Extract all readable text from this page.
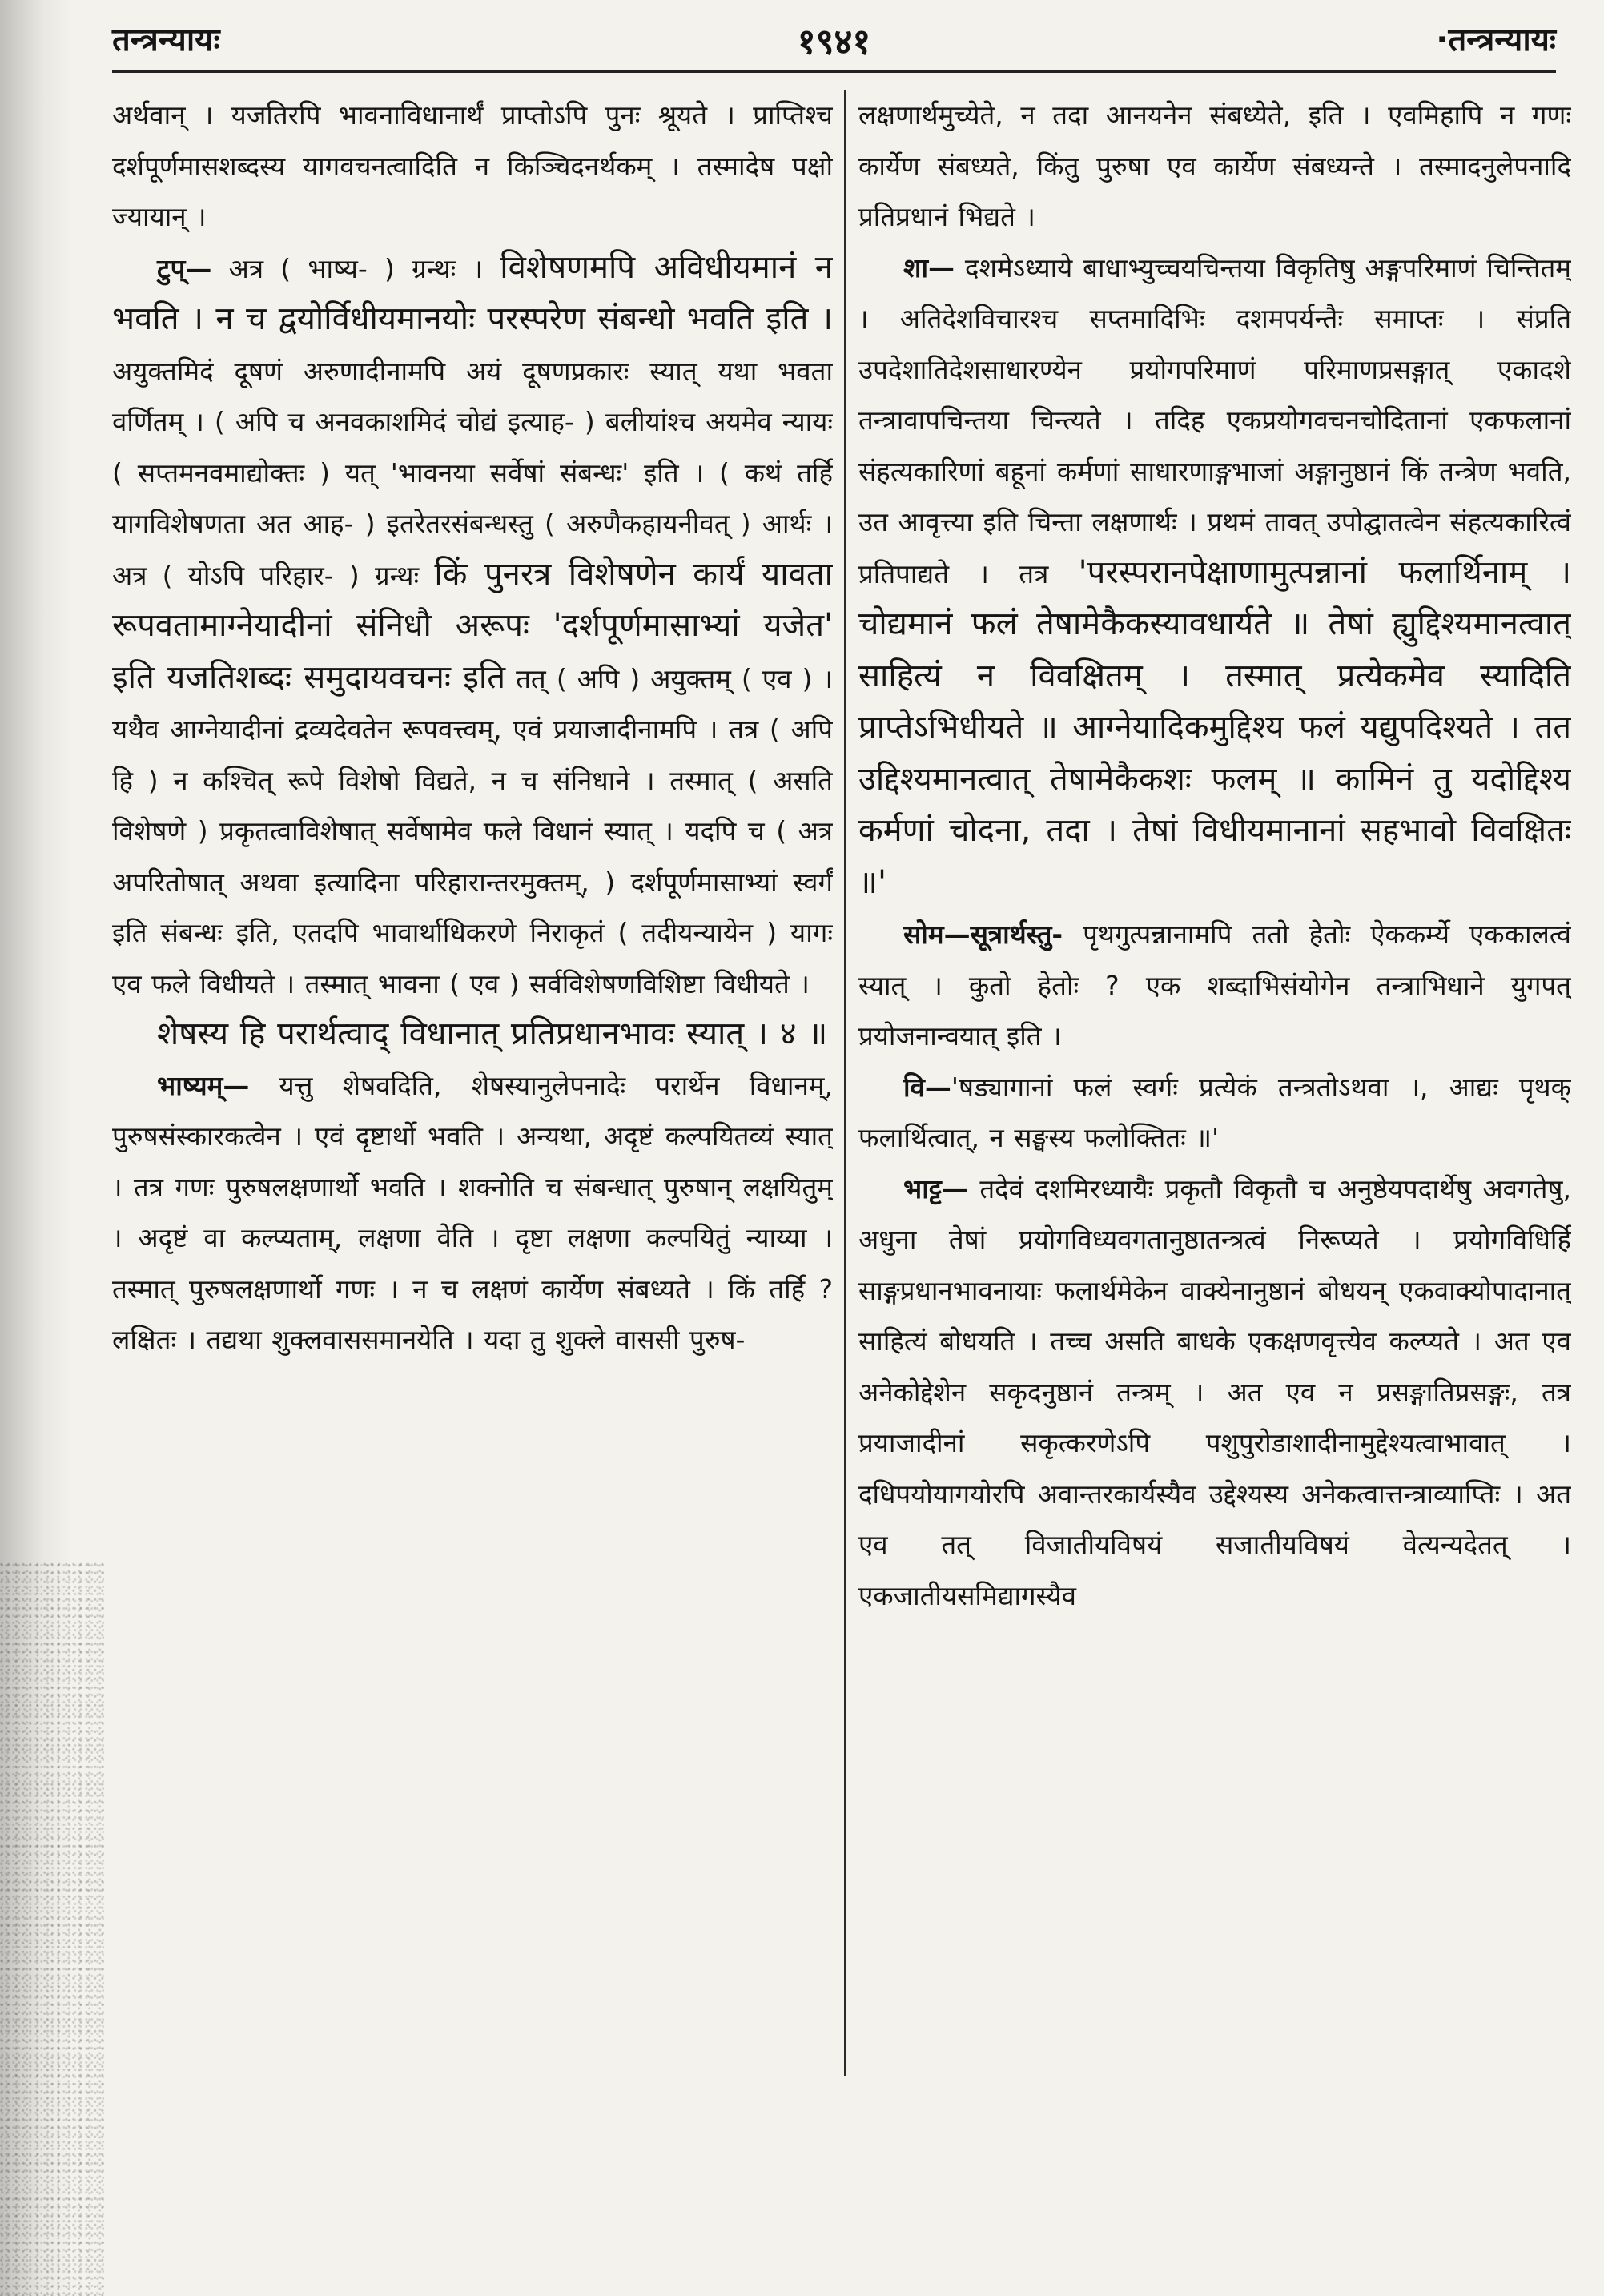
तन्त्रन्यायः	१९४१	·तन्त्रन्यायः

अर्थवान् । यजतिरपि भावनाविधानार्थं प्राप्तोऽपि पुनः श्रूयते । प्राप्तिश्च दर्शपूर्णमासशब्दस्य यागवचनत्वादिति न किञ्चिदनर्थकम् । तस्मादेष पक्षो ज्यायान् ।

टुप्— अत्र ( भाष्य- ) ग्रन्थः । विशेषणमपि अविधीयमानं न भवति । न च द्वयोर्विधीयमानयोः परस्परेण संबन्धो भवति इति । अयुक्तमिदं दूषणं अरुणादीनामपि अयं दूषणप्रकारः स्यात् यथा भवता वर्णितम् । ( अपि च अनवकाशमिदं चोद्यं इत्याह- ) बलीयांश्च अयमेव न्यायः ( सप्तमनवमाद्योक्तः ) यत् 'भावनया सर्वेषां संबन्धः' इति । ( कथं तर्हि यागविशेषणता अत आह- ) इतरेतरसंबन्धस्तु ( अरुणैकहायनीवत् ) आर्थः । अत्र ( योऽपि परिहार- ) ग्रन्थः किं पुनरत्र विशेषणेन कार्यं यावता रूपवतामाग्नेयादीनां संनिधौ अरूपः 'दर्शपूर्णमासाभ्यां यजेत' इति यजतिशब्दः समुदायवचनः इति तत् ( अपि ) अयुक्तम् ( एव ) । यथैव आग्नेयादीनां द्रव्यदेवतेन रूपवत्त्वम्, एवं प्रयाजादीनामपि । तत्र ( अपि हि ) न कश्चित् रूपे विशेषो विद्यते, न च संनिधाने । तस्मात् ( असति विशेषणे ) प्रकृतत्वाविशेषात् सर्वेषामेव फले विधानं स्यात् । यदपि च ( अत्र अपरितोषात् अथवा इत्यादिना परिहारान्तरमुक्तम्, ) दर्शपूर्णमासाभ्यां स्वर्गं इति संबन्धः इति, एतदपि भावार्थाधिकरणे निराकृतं ( तदीयन्यायेन ) यागः एव फले विधीयते । तस्मात् भावना ( एव ) सर्वविशेषणविशिष्टा विधीयते ।

शेषस्य हि परार्थत्वाद् विधानात् प्रतिप्रधानभावः स्यात् । ४ ॥

भाष्यम्— यत्तु शेषवदिति, शेषस्यानुलेपनादेः परार्थेन विधानम्, पुरुषसंस्कारकत्वेन । एवं दृष्टार्थो भवति । अन्यथा, अदृष्टं कल्पयितव्यं स्यात् । तत्र गणः पुरुषलक्षणार्थो भवति । शक्नोति च संबन्धात् पुरुषान् लक्षयितुम् । अदृष्टं वा कल्प्यताम्, लक्षणा वेति । दृष्टा लक्षणा कल्पयितुं न्याय्या । तस्मात् पुरुषलक्षणार्थो गणः । न च लक्षणं कार्येण संबध्यते । किं तर्हि ? लक्षितः । तद्यथा शुक्लवाससमानयेति । यदा तु शुक्ले वाससी पुरुष-

लक्षणार्थमुच्येते, न तदा आनयनेन संबध्येते, इति । एवमिहापि न गणः कार्येण संबध्यते, किंतु पुरुषा एव कार्येण संबध्यन्ते । तस्मादनुलेपनादि प्रतिप्रधानं भिद्यते ।

शा— दशमेऽध्याये बाधाभ्युच्चयचिन्तया विकृतिषु अङ्गपरिमाणं चिन्तितम् । अतिदेशविचारश्च सप्तमादिभिः दशमपर्यन्तैः समाप्तः । संप्रति उपदेशातिदेशसाधारण्येन प्रयोगपरिमाणं परिमाणप्रसङ्गात् एकादशे तन्त्रावापचिन्तया चिन्त्यते । तदिह एकप्रयोगवचनचोदितानां एकफलानां संहत्यकारिणां बहूनां कर्मणां साधारणाङ्गभाजां अङ्गानुष्ठानं किं तन्त्रेण भवति, उत आवृत्त्या इति चिन्ता लक्षणार्थः । प्रथमं तावत् उपोद्घातत्वेन संहत्यकारित्वं प्रतिपाद्यते । तत्र 'परस्परानपेक्षाणामुत्पन्नानां फलार्थिनाम् । चोद्यमानं फलं तेषामेकैकस्यावधार्यते ॥ तेषां ह्युद्दिश्यमानत्वात् साहित्यं न विवक्षितम् । तस्मात् प्रत्येकमेव स्यादिति प्राप्तेऽभिधीयते ॥ आग्नेयादिकमुद्दिश्य फलं यद्युपदिश्यते । तत उद्दिश्यमानत्वात् तेषामेकैकशः फलम् ॥ कामिनं तु यदोद्दिश्य कर्मणां चोदना, तदा । तेषां विधीयमानानां सहभावो विवक्षितः ॥'

सोम—सूत्रार्थस्तु- पृथगुत्पन्नानामपि ततो हेतोः ऐककर्म्ये एककालत्वं स्यात् । कुतो हेतोः ? एक शब्दाभिसंयोगेन तन्त्राभिधाने युगपत् प्रयोजनान्वयात् इति ।

वि—'षड्यागानां फलं स्वर्गः प्रत्येकं तन्त्रतोऽथवा ।, आद्यः पृथक् फलार्थित्वात्, न सङ्घस्य फलोक्तितः ॥'

भाट्ट— तदेवं दशमिरध्यायैः प्रकृतौ विकृतौ च अनुष्ठेयपदार्थेषु अवगतेषु, अधुना तेषां प्रयोगविध्यवगतानुष्ठातन्त्रत्वं निरूप्यते । प्रयोगविधिर्हि साङ्गप्रधानभावनायाः फलार्थमेकेन वाक्येनानुष्ठानं बोधयन् एकवाक्योपादानात् साहित्यं बोधयति । तच्च असति बाधके एकक्षणवृत्त्येव कल्प्यते । अत एव अनेकोद्देशेन सकृदनुष्ठानं तन्त्रम् । अत एव न प्रसङ्गातिप्रसङ्गः, तत्र प्रयाजादीनां सकृत्करणेऽपि पशुपुरोडाशादीनामुद्देश्यत्वाभावात् । दधिपयोयागयोरपि अवान्तरकार्यस्यैव उद्देश्यस्य अनेकत्वात्तन्त्राव्याप्तिः । अत एव तत् विजातीयविषयं सजातीयविषयं वेत्यन्यदेतत् । एकजातीयसमिद्यागस्यैव
